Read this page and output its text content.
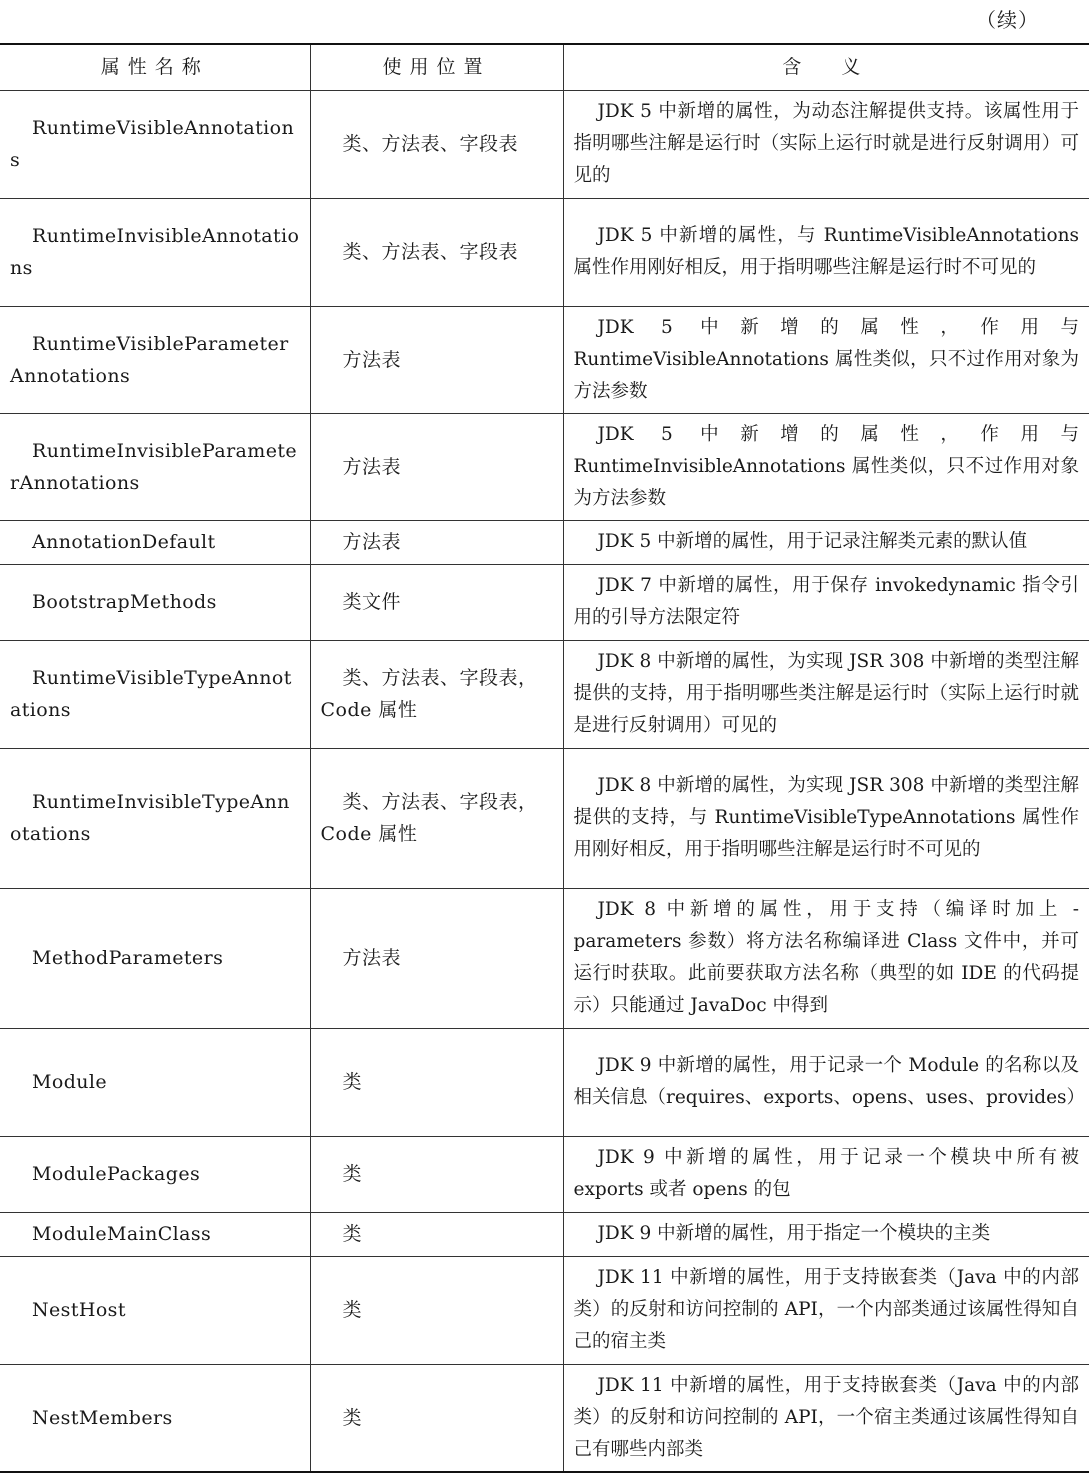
（续）
属性名称	使用位置	含义
RuntimeVisibleAnnotations	类、方法表、字段表	JDK 5 中新增的属性，为动态注解提供支持。该属性用于指明哪些注解是运行时（实际上运行时就是进行反射调用）可见的
RuntimeInvisibleAnnotations	类、方法表、字段表	JDK 5 中新增的属性，与 RuntimeVisibleAnnotations 属性作用刚好相反，用于指明哪些注解是运行时不可见的
RuntimeVisibleParameterAnnotations	方法表	JDK 5 中新增的属性，作用与 RuntimeVisibleAnnotations 属性类似，只不过作用对象为方法参数
RuntimeInvisibleParameterAnnotations	方法表	JDK 5 中新增的属性，作用与 RuntimeInvisibleAnnotations 属性类似，只不过作用对象为方法参数
AnnotationDefault	方法表	JDK 5 中新增的属性，用于记录注解类元素的默认值
BootstrapMethods	类文件	JDK 7 中新增的属性，用于保存 invokedynamic 指令引用的引导方法限定符
RuntimeVisibleTypeAnnotations	类、方法表、字段表，Code 属性	JDK 8 中新增的属性，为实现 JSR 308 中新增的类型注解提供的支持，用于指明哪些类注解是运行时（实际上运行时就是进行反射调用）可见的
RuntimeInvisibleTypeAnnotations	类、方法表、字段表，Code 属性	JDK 8 中新增的属性，为实现 JSR 308 中新增的类型注解提供的支持，与 RuntimeVisibleTypeAnnotations 属性作用刚好相反，用于指明哪些注解是运行时不可见的
MethodParameters	方法表	JDK 8 中新增的属性，用于支持（编译时加上 -parameters 参数）将方法名称编译进 Class 文件中，并可运行时获取。此前要获取方法名称（典型的如 IDE 的代码提示）只能通过 JavaDoc 中得到
Module	类	JDK 9 中新增的属性，用于记录一个 Module 的名称以及相关信息（requires、exports、opens、uses、provides）
ModulePackages	类	JDK 9 中新增的属性，用于记录一个模块中所有被 exports 或者 opens 的包
ModuleMainClass	类	JDK 9 中新增的属性，用于指定一个模块的主类
NestHost	类	JDK 11 中新增的属性，用于支持嵌套类（Java 中的内部类）的反射和访问控制的 API，一个内部类通过该属性得知自己的宿主类
NestMembers	类	JDK 11 中新增的属性，用于支持嵌套类（Java 中的内部类）的反射和访问控制的 API，一个宿主类通过该属性得知自己有哪些内部类
